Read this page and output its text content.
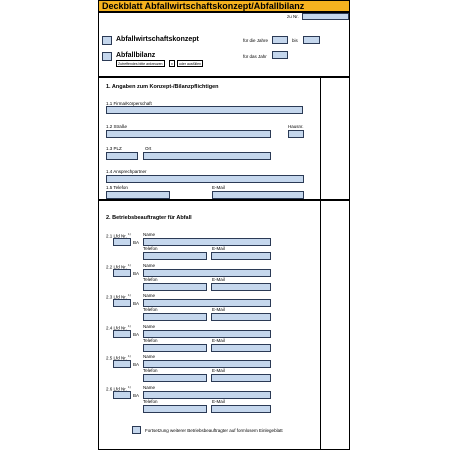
Deckblatt Abfallwirtschaftskonzept/Abfallbilanz
zu Nr.
Abfallwirtschaftskonzept	für die Jahre	bis
Abfallbilanz	für das Jahr
Zutreffendes bitte ankreuzen	x	oder ausfüllen
1. Angaben zum Konzept-/Bilanzpflichtigen
1.1 Firma/Körperschaft
1.2 Straße	Hausnr.
1.3 PLZ	Ort
1.4 Ansprechpartner
1.5 Telefon	E-Mail
2. Betriebsbeauftragter für Abfall
2.1 Lfd Nr. $^{1)}$	Name
BA
Telefon	E-Mail
2.2 Lfd Nr. $^{1)}$	Name
BA
Telefon	E-Mail
2.3 Lfd Nr. $^{1)}$	Name
BA
Telefon	E-Mail
2.4 Lfd Nr. $^{1)}$	Name
BA
Telefon	E-Mail
2.5 Lfd Nr. $^{1)}$	Name
BA
Telefon	E-Mail
2.6 Lfd Nr. $^{1)}$	Name
BA
Telefon	E-Mail
Fortsetzung weiterer Betriebsbeauftragter auf formlosem Einlegeblatt
